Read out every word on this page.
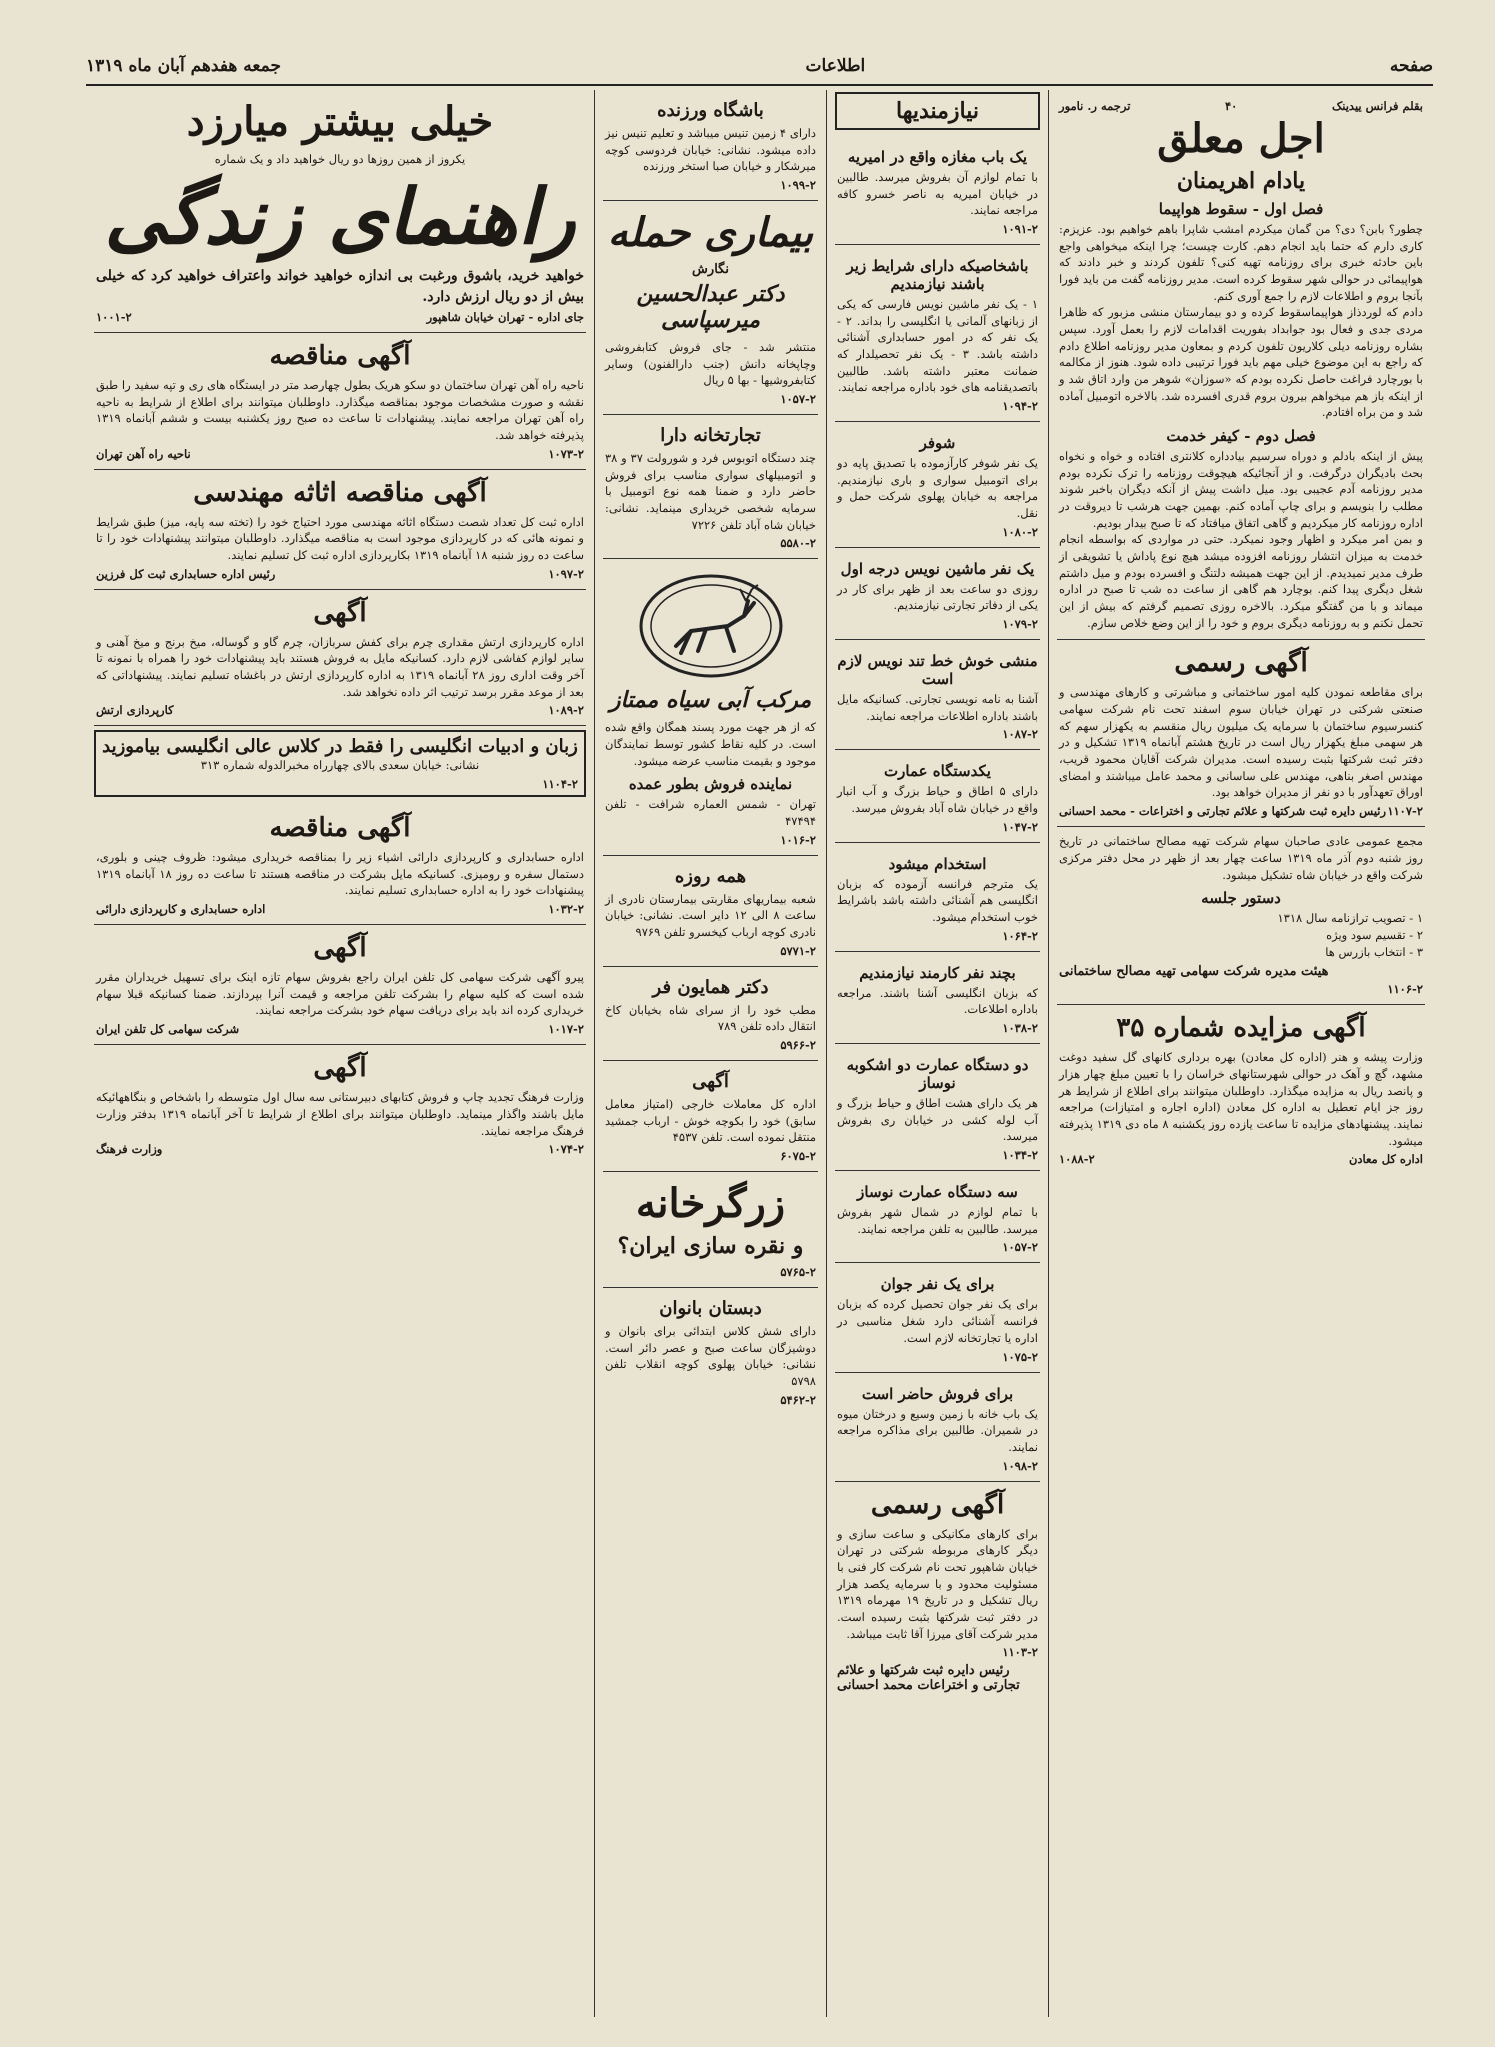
صفحه
اطلاعات
جمعه هفدهم آبان ماه ۱۳۱۹
بقلم فرانس ییدینک
۴۰
ترجمه ر. نامور
اجل معلق
یادام اهریمنان
فصل اول - سقوط هواپیما
چطور؟ بابن؟ دی؟ من گمان میکردم امشب شاپرا باهم خواهیم بود. عزیزم: کاری دارم که حتما باید انجام دهم. کارت چیست؛ چرا اینکه میخواهی واجع باین حادثه خبری برای روزنامه تهیه کنی؟ تلفون کردند و خبر دادند که هواپیمائی در حوالی شهر سقوط کرده است. مدیر روزنامه گفت من باید فورا بآنجا بروم و اطلاعات لازم را جمع آوری کنم.
دادم که لوردذاز هواپیماسقوط کرده و دو بیمارستان منشی مزبور که ظاهرا مردی جدی و فعال بود جوابداد بفوریت اقدامات لازم را بعمل آورد. سپس بشاره روزنامه دیلی کلاریون تلفون کردم و بمعاون مدیر روزنامه اطلاع دادم که راجع به این موضوع خیلی مهم باید فورا ترتیبی داده شود. هنوز از مکالمه با بورچارد فراغت حاصل نکرده بودم که «سوزان» شوهر من وارد اتاق شد و از اینکه باز هم میخواهم بیرون بروم قدری افسرده شد. بالاخره اتومبیل آماده شد و من براه افتادم.
فصل دوم - کیفر خدمت
پیش از اینکه بادلم و دوراه سرسیم بیادداره کلانتری افتاده و خواه و نخواه بحث بادیگران درگرفت. و از آنجائیکه هیچوقت روزنامه را ترک نکرده بودم مدیر روزنامه آدم عجیبی بود. میل داشت پیش از آنکه دیگران باخبر شوند مطلب را بنویسم و برای چاپ آماده کنم. بهمین جهت هرشب تا دیروقت در اداره روزنامه کار میکردیم و گاهی اتفاق میافتاد که تا صبح بیدار بودیم.
و بمن امر میکرد و اظهار وجود نمیکرد. حتی در مواردی که بواسطه انجام خدمت به میزان انتشار روزنامه افزوده میشد هیچ نوع پاداش یا تشویقی از طرف مدیر نمیدیدم. از این جهت همیشه دلتنگ و افسرده بودم و میل داشتم شغل دیگری پیدا کنم. بوچارد هم گاهی از ساعت ده شب تا صبح در اداره میماند و با من گفتگو میکرد. بالاخره روزی تصمیم گرفتم که بیش از این تحمل نکنم و به روزنامه دیگری بروم و خود را از این وضع خلاص سازم.
آگهی رسمی
برای مقاطعه نمودن کلیه امور ساختمانی و مباشرتی و کارهای مهندسی و صنعتی شرکتی در تهران خیابان سوم اسفند تحت نام شرکت سهامی کنسرسیوم ساختمان با سرمایه یک میلیون ریال منقسم به یکهزار سهم که هر سهمی مبلغ یکهزار ریال است در تاریخ هشتم آبانماه ۱۳۱۹ تشکیل و در دفتر ثبت شرکتها بثبت رسیده است. مدیران شرکت آقایان محمود قریب، مهندس اصغر بناهی، مهندس علی ساسانی و محمد عامل میباشند و امضای اوراق تعهدآور با دو نفر از مدیران خواهد بود.
۱۱۰۷-۲
رئیس دایره ثبت شرکتها و علائم تجارتی و اختراعات - محمد احسانی
مجمع عمومی عادی صاحبان سهام شرکت تهیه مصالح ساختمانی در تاریخ روز شنبه دوم آذر ماه ۱۳۱۹ ساعت چهار بعد از ظهر در محل دفتر مرکزی شرکت واقع در خیابان شاه تشکیل میشود.
دستور جلسه
۱ - تصویب ترازنامه سال ۱۳۱۸
۲ - تقسیم سود ویژه
۳ - انتخاب بازرس ها
هیئت مدیره شرکت سهامی تهیه مصالح ساختمانی
۱۱۰۶-۲
آگهی مزایده شماره ۳۵
وزارت پیشه و هنر (اداره کل معادن) بهره برداری کانهای گل سفید دوغت مشهد، گچ و آهک در حوالی شهرستانهای خراسان را با تعیین مبلغ چهار هزار و پانصد ریال به مزایده میگذارد. داوطلبان میتوانند برای اطلاع از شرایط هر روز جز ایام تعطیل به اداره کل معادن (اداره اجاره و امتیازات) مراجعه نمایند. پیشنهادهای مزایده تا ساعت یازده روز یکشنبه ۸ ماه دی ۱۳۱۹ پذیرفته میشود.
اداره کل معادن
۱۰۸۸-۲
نیازمندیها
یک باب مغازه واقع در امیریه
با تمام لوازم آن بفروش میرسد. طالبین در خیابان امیریه به ناصر خسرو کافه مراجعه نمایند.
۱۰۹۱-۲
باشخاصیکه دارای شرایط زیر باشند نیازمندیم
۱ - یک نفر ماشین نویس فارسی که یکی از زبانهای آلمانی یا انگلیسی را بداند. ۲ - یک نفر که در امور حسابداری آشنائی داشته باشد. ۳ - یک نفر تحصیلدار که ضمانت معتبر داشته باشد. طالبین باتصدیقنامه های خود باداره مراجعه نمایند.
۱۰۹۴-۲
شوفر
یک نفر شوفر کارآزموده با تصدیق پایه دو برای اتومبیل سواری و باری نیازمندیم. مراجعه به خیابان پهلوی شرکت حمل و نقل.
۱۰۸۰-۲
یک نفر ماشین نویس درجه اول
روزی دو ساعت بعد از ظهر برای کار در یکی از دفاتر تجارتی نیازمندیم.
۱۰۷۹-۲
منشی خوش خط تند نویس لازم است
آشنا به نامه نویسی تجارتی. کسانیکه مایل باشند باداره اطلاعات مراجعه نمایند.
۱۰۸۷-۲
یکدستگاه عمارت
دارای ۵ اطاق و حیاط بزرگ و آب انبار واقع در خیابان شاه آباد بفروش میرسد.
۱۰۴۷-۲
استخدام میشود
یک مترجم فرانسه آزموده که بزبان انگلیسی هم آشنائی داشته باشد باشرایط خوب استخدام میشود.
۱۰۶۴-۲
بچند نفر کارمند نیازمندیم
که بزبان انگلیسی آشنا باشند. مراجعه باداره اطلاعات.
۱۰۳۸-۲
دو دستگاه عمارت دو اشکوبه نوساز
هر یک دارای هشت اطاق و حیاط بزرگ و آب لوله کشی در خیابان ری بفروش میرسد.
۱۰۳۴-۲
سه دستگاه عمارت نوساز
با تمام لوازم در شمال شهر بفروش میرسد. طالبین به تلفن مراجعه نمایند.
۱۰۵۷-۲
برای یک نفر جوان
برای یک نفر جوان تحصیل کرده که بزبان فرانسه آشنائی دارد شغل مناسبی در اداره یا تجارتخانه لازم است.
۱۰۷۵-۲
برای فروش حاضر است
یک باب خانه با زمین وسیع و درختان میوه در شمیران. طالبین برای مذاکره مراجعه نمایند.
۱۰۹۸-۲
آگهی رسمی
برای کارهای مکانیکی و ساعت سازی و دیگر کارهای مربوطه شرکتی در تهران خیابان شاهپور تحت نام شرکت کار فنی با مسئولیت محدود و با سرمایه یکصد هزار ریال تشکیل و در تاریخ ۱۹ مهرماه ۱۳۱۹ در دفتر ثبت شرکتها بثبت رسیده است. مدیر شرکت آقای میرزا آقا ثابت میباشد.
۱۱۰۳-۲
رئیس دایره ثبت شرکتها و علائم تجارتی و اختراعات محمد احسانی
باشگاه ورزنده
دارای ۴ زمین تنیس میباشد و تعلیم تنیس نیز داده میشود. نشانی: خیابان فردوسی کوچه میرشکار و خیابان صبا استخر ورزنده
۱۰۹۹-۲
بیماری حمله
نگارش
دکتر عبدالحسین میرسپاسی
منتشر شد - جای فروش کتابفروشی وچاپخانه دانش (جنب دارالفنون) وسایر کتابفروشیها - بها ۵ ریال
۱۰۵۷-۲
تجارتخانه دارا
چند دستگاه اتوبوس فرد و شورولت ۳۷ و ۳۸ و اتومبیلهای سواری مناسب برای فروش حاضر دارد و ضمنا همه نوع اتومبیل با سرمایه شخصی خریداری مینماید. نشانی: خیابان شاه آباد تلفن ۷۲۲۶
۵۵۸۰-۲
مرکب آبی سیاه ممتاز
که از هر جهت مورد پسند همگان واقع شده است. در کلیه نقاط کشور توسط نمایندگان موجود و بقیمت مناسب عرضه میشود.
نماینده فروش بطور عمده
تهران - شمس العماره شرافت - تلفن ۴۷۴۹۴
۱۰۱۶-۲
همه روزه
شعبه بیماریهای مقاربتی بیمارستان نادری از ساعت ۸ الی ۱۲ دایر است. نشانی: خیابان نادری کوچه ارباب کیخسرو تلفن ۹۷۶۹
۵۷۷۱-۲
دکتر همایون فر
مطب خود را از سرای شاه بخیابان کاخ انتقال داده تلفن ۷۸۹
۵۹۶۶-۲
آگهی
اداره کل معاملات خارجی (امتیاز معامل سابق) خود را بکوچه خوش - ارباب جمشید منتقل نموده است. تلفن ۴۵۳۷
۶۰۷۵-۲
زرگرخانه
و نقره سازی ایران؟
۵۷۶۵-۲
دبستان بانوان
دارای شش کلاس ابتدائی برای بانوان و دوشیزگان ساعت صبح و عصر دائر است. نشانی: خیابان پهلوی کوچه انقلاب تلفن ۵۷۹۸
۵۴۶۲-۲
خیلی بیشتر میارزد
یکروز از همین روزها دو ریال خواهید داد و یک شماره
راهنمای زندگی
خواهید خرید، باشوق ورغبت بی اندازه خواهید خواند واعتراف خواهید کرد که خیلی بیش از دو ریال ارزش دارد.
جای اداره - تهران خیابان شاهپور
۱۰۰۱-۲
آگهی مناقصه
ناحیه راه آهن تهران ساختمان دو سکو هریک بطول چهارصد متر در ایستگاه های ری و تپه سفید را طبق نقشه و صورت مشخصات موجود بمناقصه میگذارد. داوطلبان میتوانند برای اطلاع از شرایط به ناحیه راه آهن تهران مراجعه نمایند. پیشنهادات تا ساعت ده صبح روز یکشنبه بیست و ششم آبانماه ۱۳۱۹ پذیرفته خواهد شد.
۱۰۷۳-۲
ناحیه راه آهن تهران
آگهی مناقصه اثاثه مهندسی
اداره ثبت کل تعداد شصت دستگاه اثاثه مهندسی مورد احتیاج خود را (تخته سه پایه، میز) طبق شرایط و نمونه هائی که در کارپردازی موجود است به مناقصه میگذارد. داوطلبان میتوانند پیشنهادات خود را تا ساعت ده روز شنبه ۱۸ آبانماه ۱۳۱۹ بکارپردازی اداره ثبت کل تسلیم نمایند.
۱۰۹۷-۲
رئیس اداره حسابداری ثبت کل فرزین
آگهی
اداره کارپردازی ارتش مقداری چرم برای کفش سربازان، چرم گاو و گوساله، میخ برنج و میخ آهنی و سایر لوازم کفاشی لازم دارد. کسانیکه مایل به فروش هستند باید پیشنهادات خود را همراه با نمونه تا آخر وقت اداری روز ۲۸ آبانماه ۱۳۱۹ به اداره کارپردازی ارتش در باغشاه تسلیم نمایند. پیشنهاداتی که بعد از موعد مقرر برسد ترتیب اثر داده نخواهد شد.
۱۰۸۹-۲
کارپردازی ارتش
زبان و ادبیات انگلیسی را فقط در کلاس عالی انگلیسی بیاموزید
نشانی: خیابان سعدی بالای چهارراه مخبرالدوله شماره ۳۱۳
۱۱۰۴-۲
آگهی مناقصه
اداره حسابداری و کارپردازی دارائی اشیاء زیر را بمناقصه خریداری میشود: ظروف چینی و بلوری، دستمال سفره و رومیزی. کسانیکه مایل بشرکت در مناقصه هستند تا ساعت ده روز ۱۸ آبانماه ۱۳۱۹ پیشنهادات خود را به اداره حسابداری تسلیم نمایند.
۱۰۳۲-۲
اداره حسابداری و کارپردازی دارائی
آگهی
پیرو آگهی شرکت سهامی کل تلفن ایران راجع بفروش سهام تازه اینک برای تسهیل خریداران مقرر شده است که کلیه سهام را بشرکت تلفن مراجعه و قیمت آنرا بپردازند. ضمنا کسانیکه قبلا سهام خریداری کرده اند باید برای دریافت سهام خود بشرکت مراجعه نمایند.
۱۰۱۷-۲
شرکت سهامی کل تلفن ایران
آگهی
وزارت فرهنگ تجدید چاپ و فروش کتابهای دبیرستانی سه سال اول متوسطه را باشخاص و بنگاههائیکه مایل باشند واگذار مینماید. داوطلبان میتوانند برای اطلاع از شرایط تا آخر آبانماه ۱۳۱۹ بدفتر وزارت فرهنگ مراجعه نمایند.
۱۰۷۴-۲
وزارت فرهنگ
